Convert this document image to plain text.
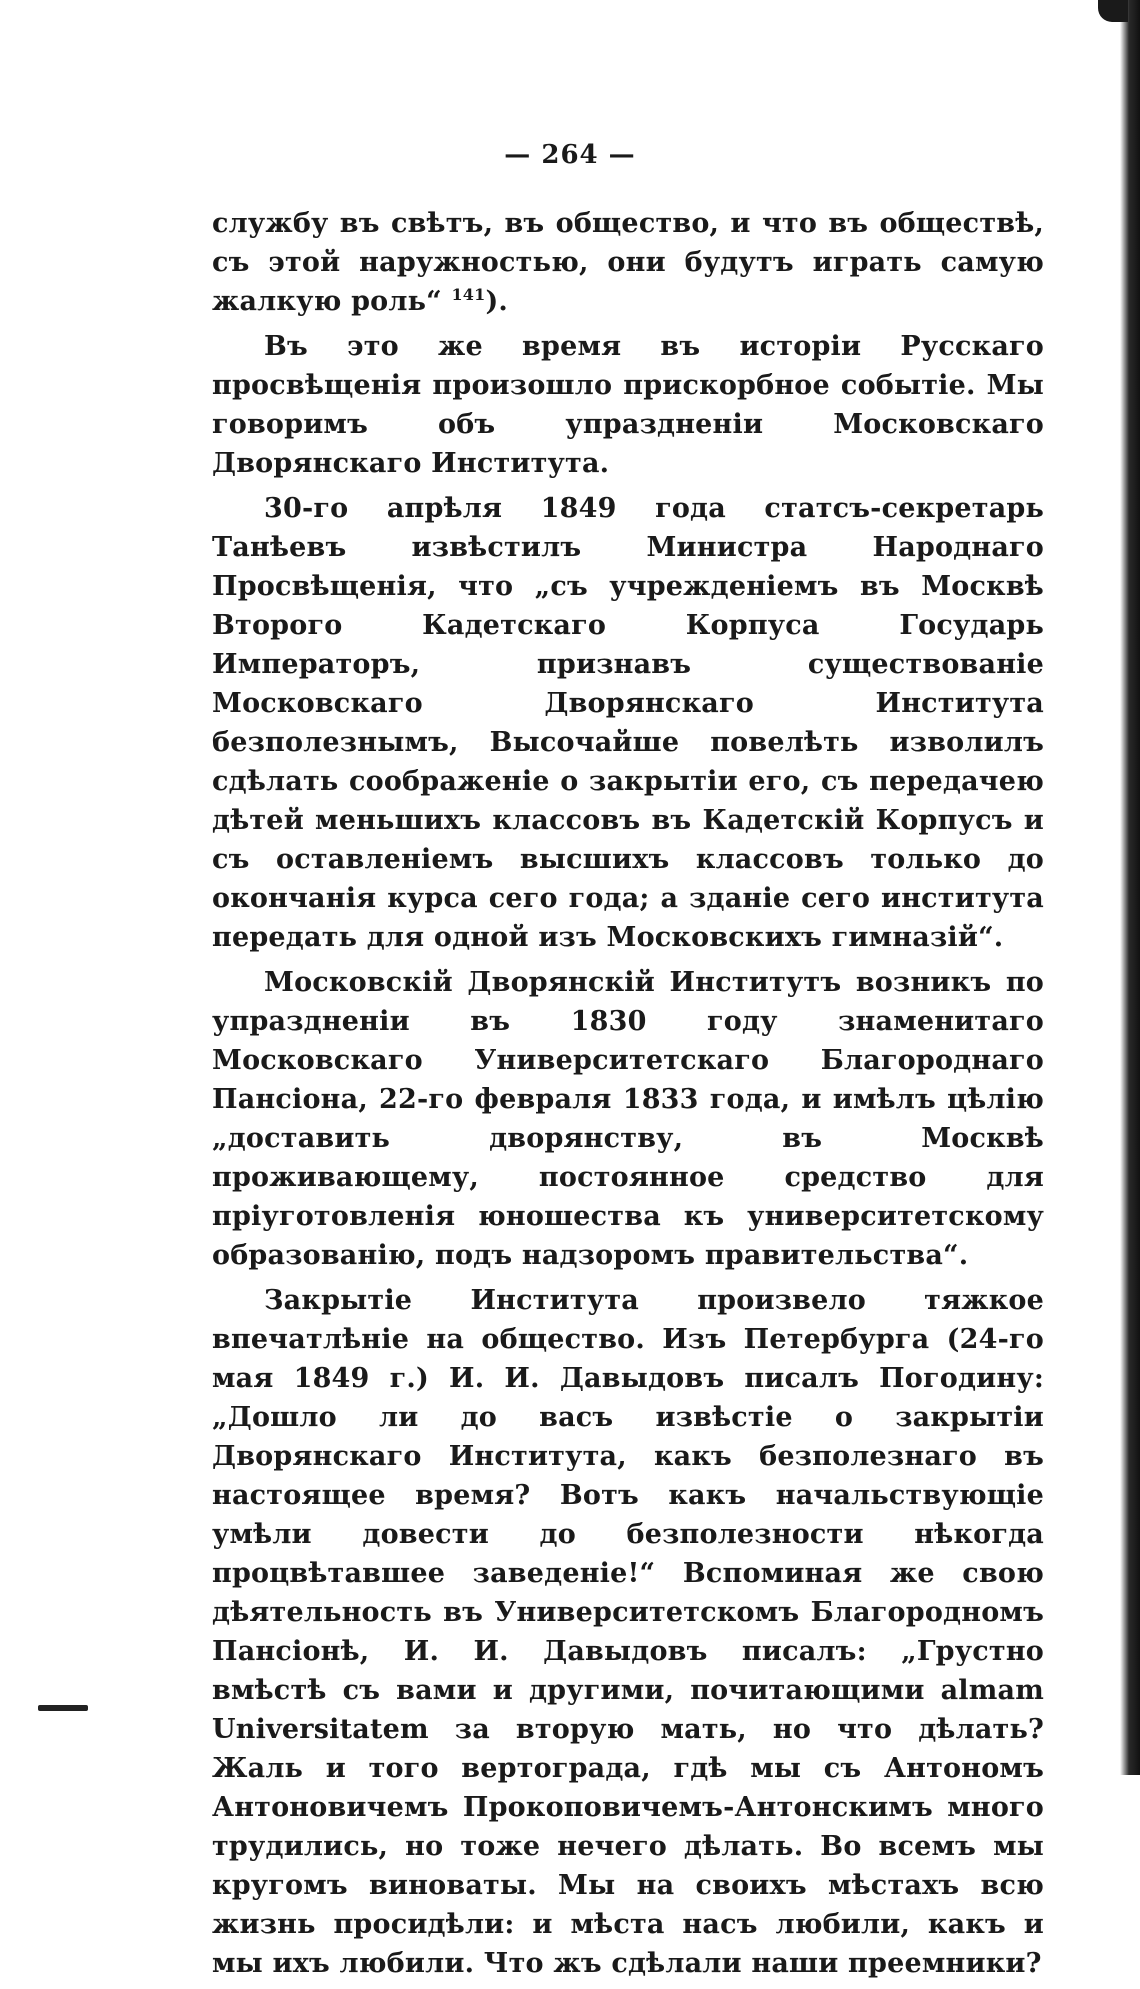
— 264 —

службу въ свѣтъ, въ общество, и что въ обществѣ, съ этой наружностью, они будутъ играть самую жалкую роль“ $^{141}$).

Въ это же время въ исторіи Русскаго просвѣщенія произошло прискорбное событіе. Мы говоримъ объ упраздненіи Московскаго Дворянскаго Института.

30-го апрѣля 1849 года статсъ-секретарь Танѣевъ извѣстилъ Министра Народнаго Просвѣщенія, что „съ учрежденіемъ въ Москвѣ Второго Кадетскаго Корпуса Государь Императоръ, признавъ существованіе Московскаго Дворянскаго Института безполезнымъ, Высочайше повелѣть изволилъ сдѣлать соображеніе о закрытіи его, съ передачею дѣтей меньшихъ классовъ въ Кадетскій Корпусъ и съ оставленіемъ высшихъ классовъ только до окончанія курса сего года; а зданіе сего института передать для одной изъ Московскихъ гимназій“.

Московскій Дворянскій Институтъ возникъ по упраздненіи въ 1830 году знаменитаго Московскаго Университетскаго Благороднаго Пансіона, 22-го февраля 1833 года, и имѣлъ цѣлію „доставить дворянству, въ Москвѣ проживающему, постоянное средство для пріуготовленія юношества къ университетскому образованію, подъ надзоромъ правительства“.

Закрытіе Института произвело тяжкое впечатлѣніе на общество. Изъ Петербурга (24-го мая 1849 г.) И. И. Давыдовъ писалъ Погодину: „Дошло ли до васъ извѣстіе о закрытіи Дворянскаго Института, какъ безполезнаго въ настоящее время? Вотъ какъ начальствующіе умѣли довести до безполезности нѣкогда процвѣтавшее заведеніе!“ Вспоминая же свою дѣятельность въ Университетскомъ Благородномъ Пансіонѣ, И. И. Давыдовъ писалъ: „Грустно вмѣстѣ съ вами и другими, почитающими almam Universitatem за вторую мать, но что дѣлать? Жаль и того вертограда, гдѣ мы съ Антономъ Антоновичемъ Прокоповичемъ-Антонскимъ много трудились, но тоже нечего дѣлать. Во всемъ мы кругомъ виноваты. Мы на своихъ мѣстахъ всю жизнь просидѣли: и мѣста насъ любили, какъ и мы ихъ любили. Что жъ сдѣлали наши преемники?
